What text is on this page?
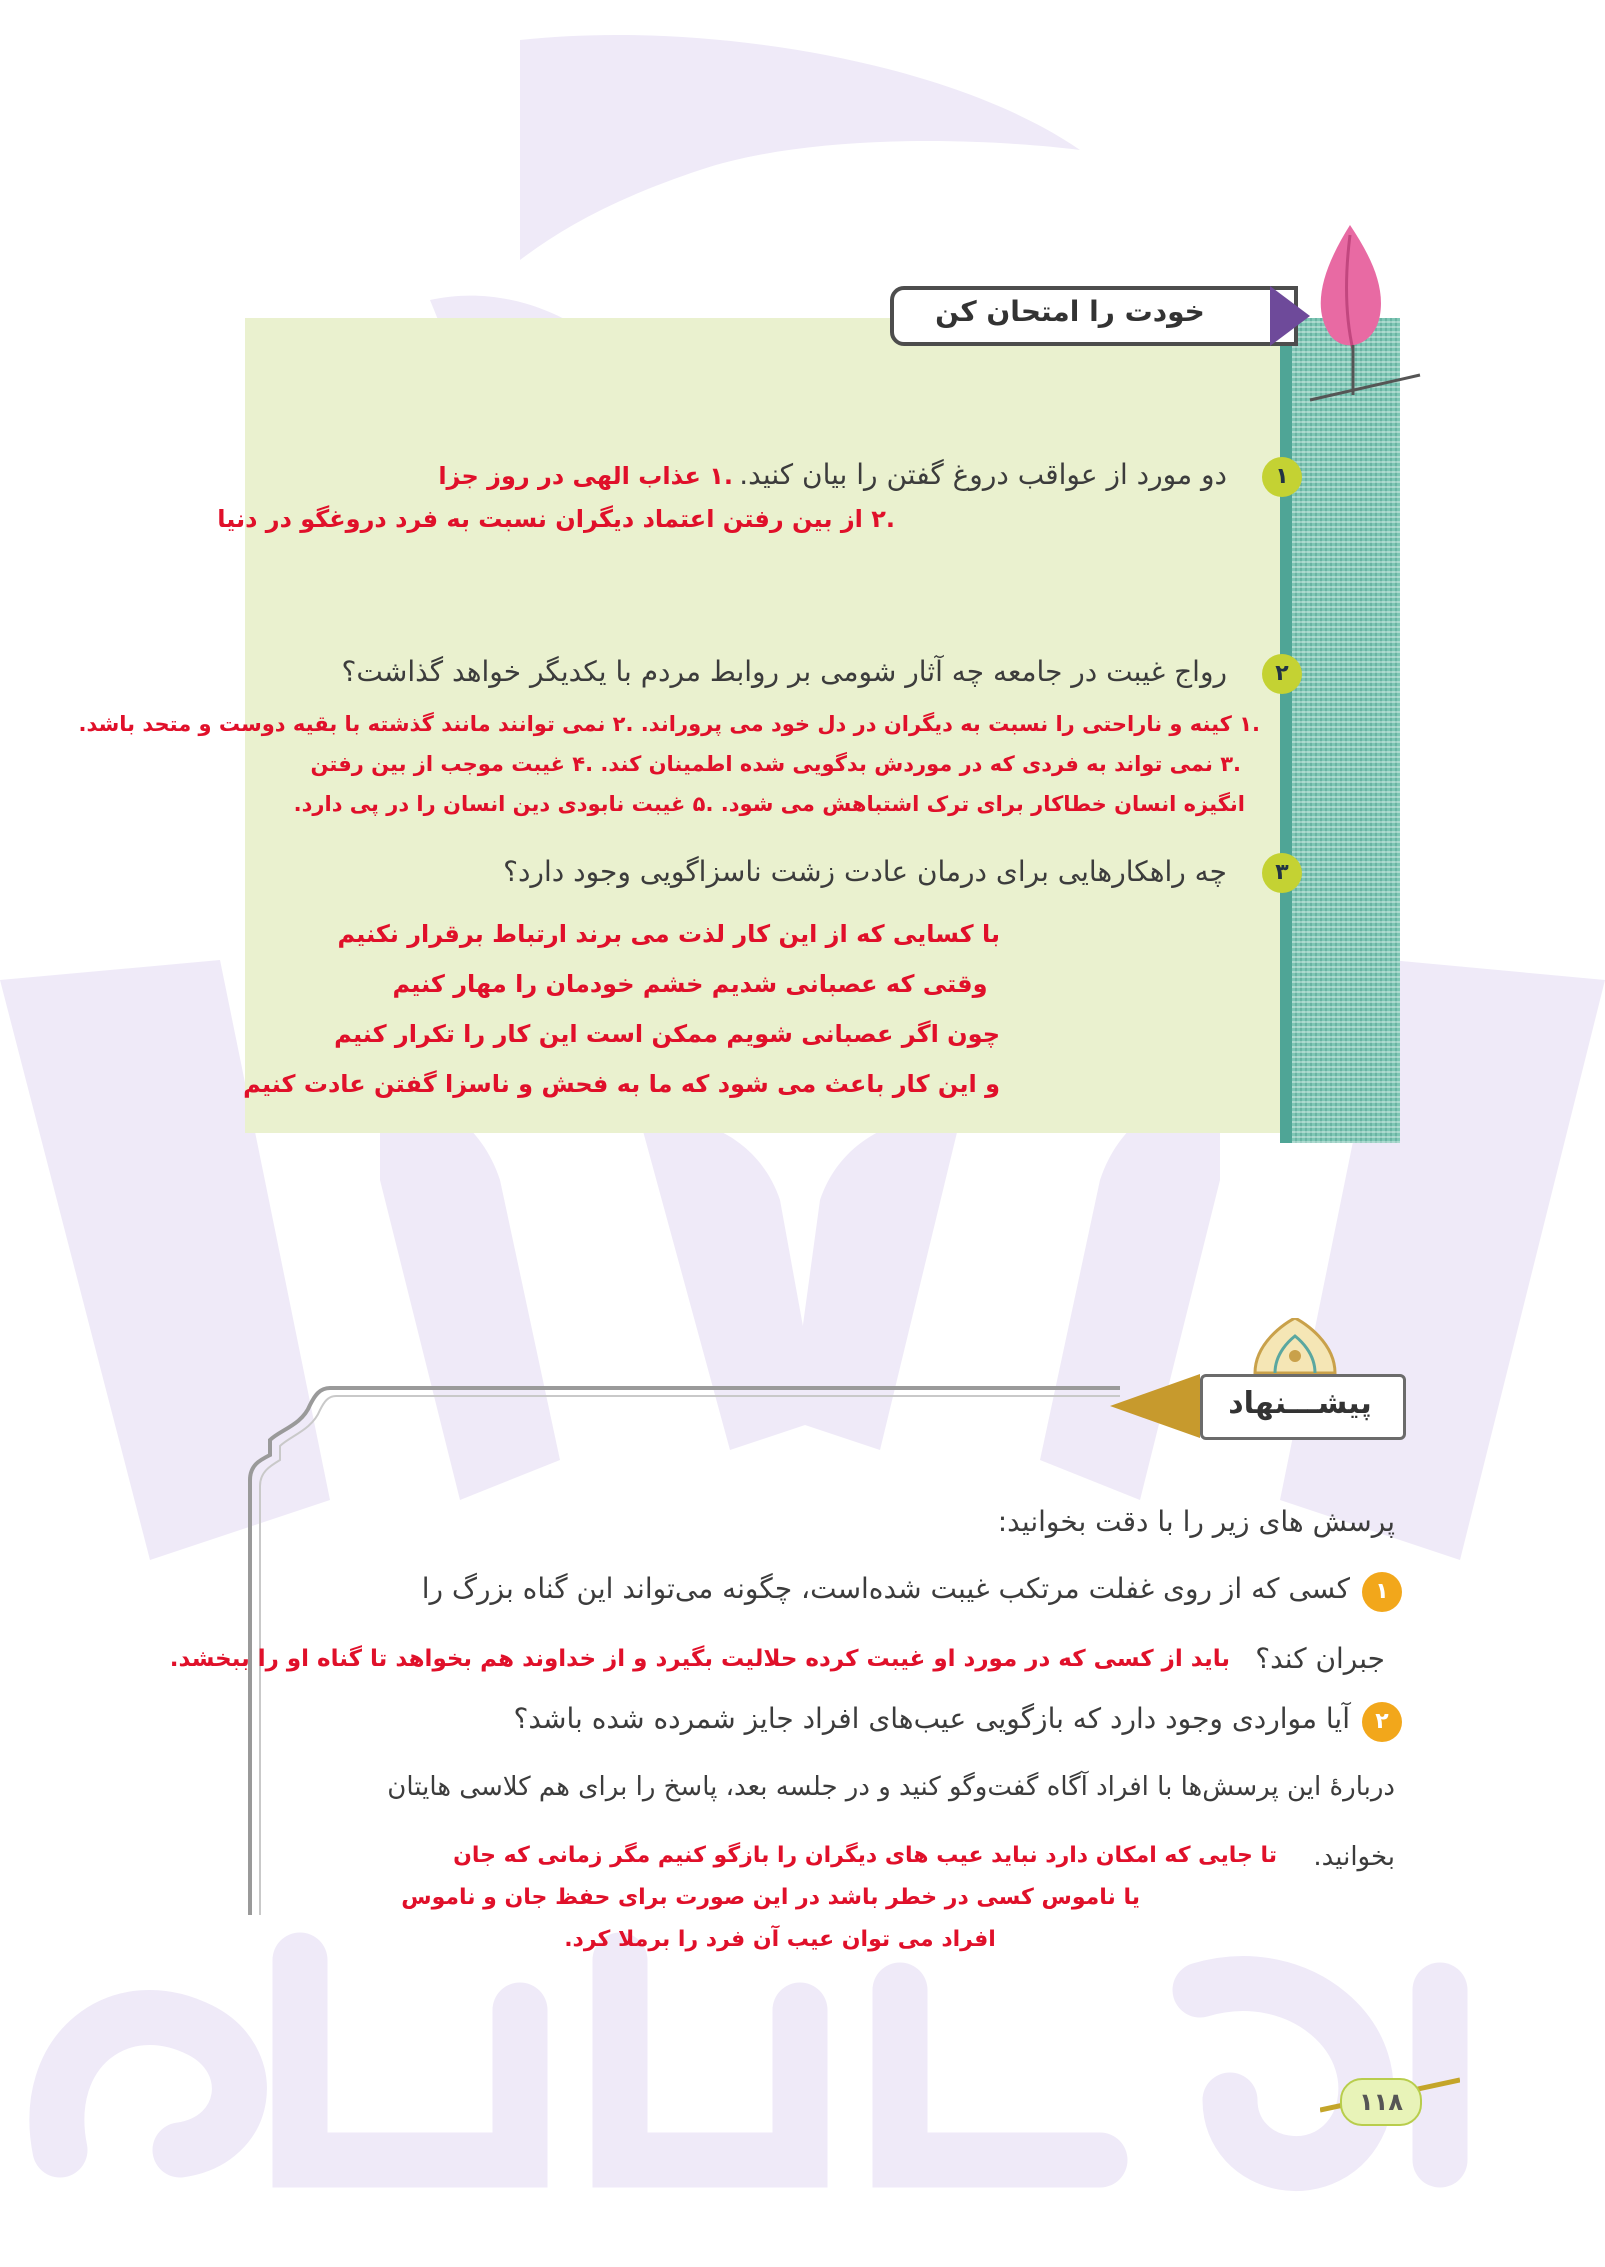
خودت را امتحان کن
۱
دو مورد از عواقب دروغ گفتن را بیان کنید.
.۱ عذاب الهی در روز جزا
.۲ از بین رفتن اعتماد دیگران نسبت به فرد دروغگو در دنیا
۲
رواج غیبت در جامعه چه آثار شومی بر روابط مردم با یکدیگر خواهد گذاشت؟
.۱ کینه و ناراحتی را نسبت به دیگران در دل خود می پروراند. .۲ نمی توانند مانند گذشته با بقیه دوست و متحد باشد.
.۳ نمی تواند به فردی که در موردش بدگویی شده اطمینان کند. .۴ غیبت موجب از بین رفتن
انگیزه انسان خطاکار برای ترک اشتباهش می شود. .۵ غیبت نابودی دین انسان را در پی دارد.
۳
چه راهکارهایی برای درمان عادت زشت ناسزاگویی وجود دارد؟
با کسایی که از این کار لذت می برند ارتباط برقرار نکنیم
وقتی که عصبانی شدیم خشم خودمان را مهار کنیم
چون اگر عصبانی شویم ممکن است این کار را تکرار کنیم
و این کار باعث می شود که ما به فحش و ناسزا گفتن عادت کنیم
پیشـــنهاد
پرسش های زیر را با دقت بخوانید:
۱
کسی که از روی غفلت مرتکب غیبت شده‌است، چگونه می‌تواند این گناه بزرگ را
جبران کند؟
باید از کسی که در مورد او غیبت کرده حلالیت بگیرد و از خداوند هم بخواهد تا گناه او را ببخشد.
۲
آیا مواردی وجود دارد که بازگویی عیب‌های افراد جایز شمرده شده باشد؟
دربارهٔ این پرسش‌ها با افراد آگاه گفت‌وگو کنید و در جلسه بعد، پاسخ را برای هم کلاسی هایتان
بخوانید.
تا جایی که امکان دارد نباید عیب های دیگران را بازگو کنیم مگر زمانی که جان
یا ناموس کسی در خطر باشد در این صورت برای حفظ جان و ناموس
افراد می توان عیب آن فرد را برملا کرد.
۱۱۸
